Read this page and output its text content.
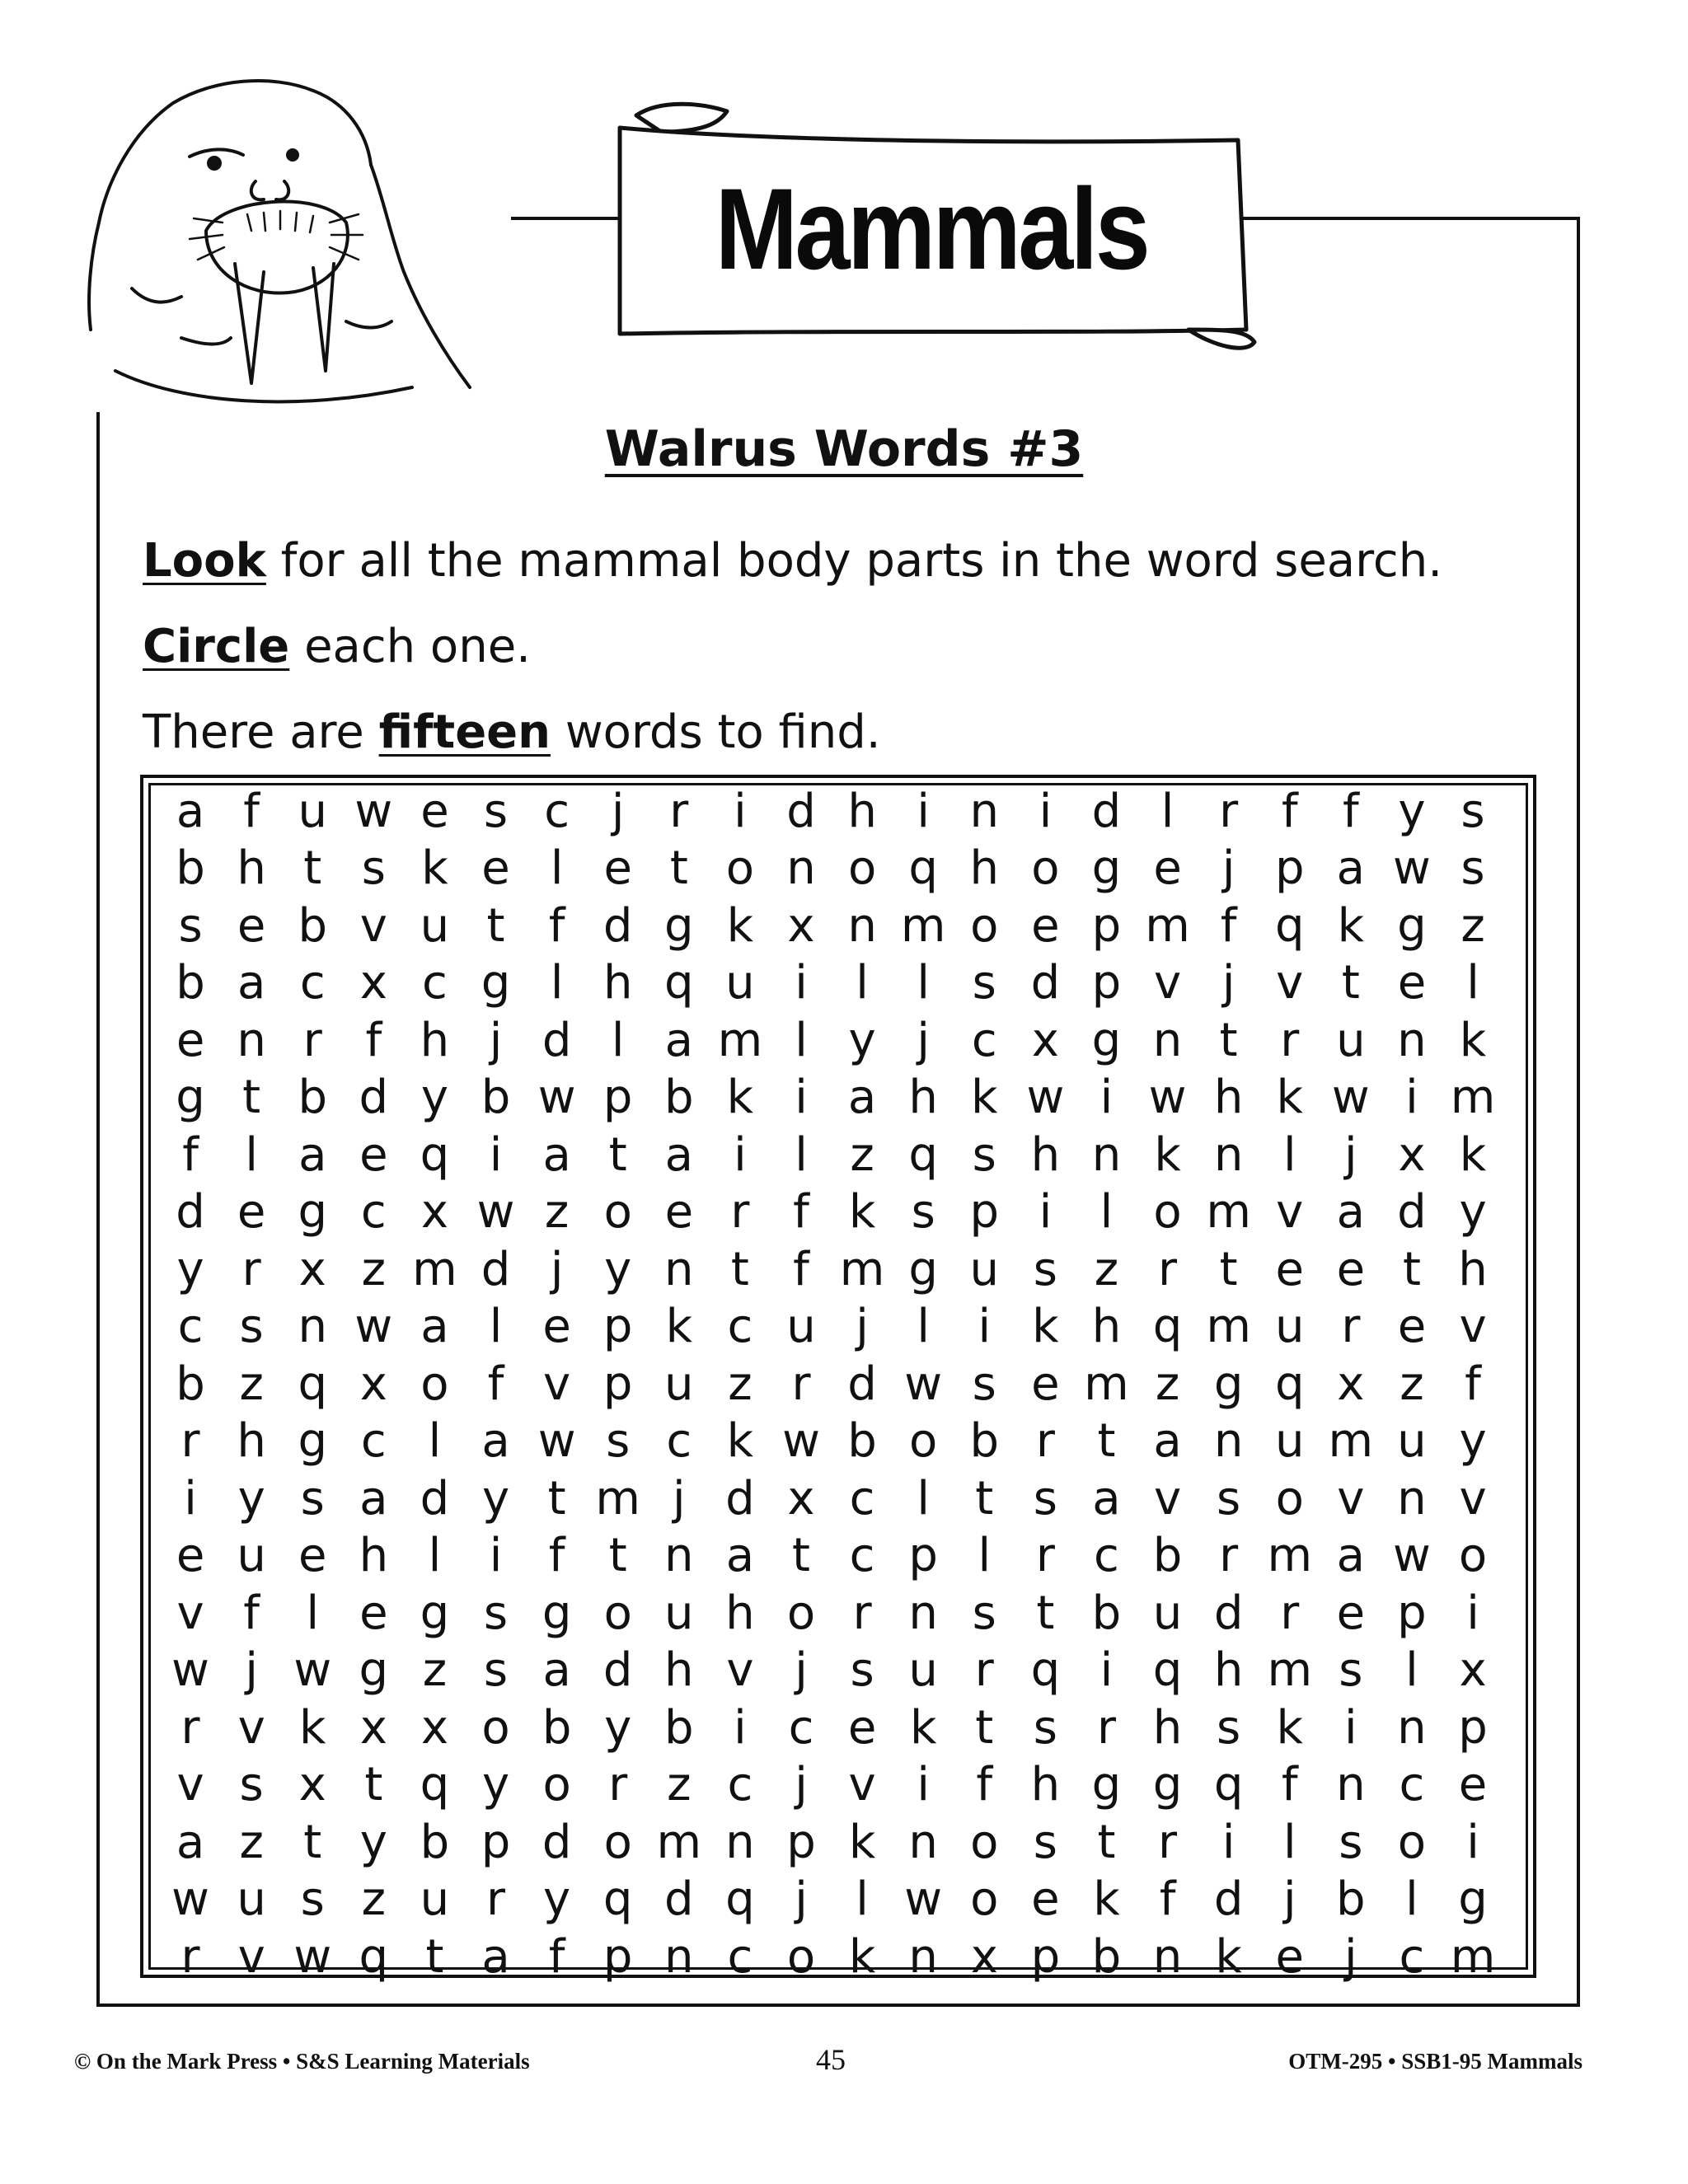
Mammals
Walrus Words #3
Look for all the mammal body parts in the word search.
Circle each one.
There are fifteen words to find.
a f u w e s c j r i d h i n i d l r f f y s
b h t s k e l e t o n o q h o g e j p a w s
s e b v u t f d g k x n m o e p m f q k g z
b a c x c g l h q u i	l	l s d p v j v t e l
e n r f h j d l a m l y j c x g n t r u n k
g t b d y b w p b k i a h k w i w h k w i m
f	l a e q i a t a i	l z q s h n k n l	j x k
d e g c x w z o e r f k s p i	l o m v a d y
y r x z m d j y n t f m g u s z r t e e t h
c s n w a l e p k c u j	l	i k h q m u r e v
b z q x o f v p u z r d w s e m z g q x z f
r h g c l a w s c k w b o b r t a n u m u y
i y s a d y t m j d x c l t s a v s o v n v
e u e h l	i	f t n a t c p l r c b r m a w o
v f	l e g s g o u h o r n s t b u d r e p i
w j w g z s a d h v j s u r q i q h m s l x
r v k x x o b y b i c e k t s r h s k i n p
v s x t q y o r z c j v i	f h g g q f n c e
a z t y b p d o m n p k n o s t r i	l s o i
w u s z u r y q d q j	l w o e k f d j b l g
r v w q t a f p n c o k n x p b n k e j c m
© On the Mark Press • S&S Learning Materials	45	OTM-295 • SSB1-95 Mammals
